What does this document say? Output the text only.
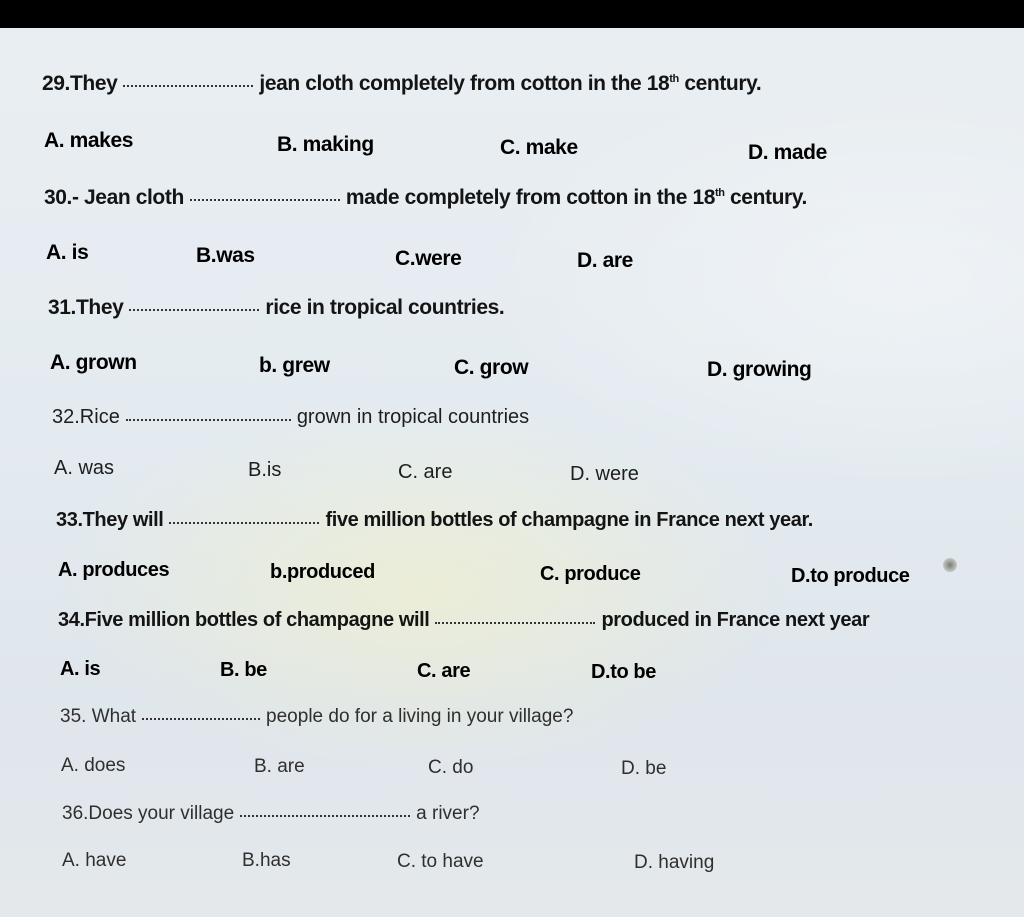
29.They	jean cloth completely from cotton in the 18th century.
A. makes	B. making	C. make	D. made
30.- Jean cloth	made completely from cotton in the 18th century.
A. is	B.was	C.were	D. are
31.They	rice in tropical countries.
A. grown	b. grew	C. grow	D. growing
32.Rice	grown in tropical countries
A. was	B.is	C. are	D. were
33.They will	five million bottles of champagne in France next year.
A. produces	b.produced	C. produce	D.to produce
34.Five million bottles of champagne will	produced in France next year
A. is	B. be	C. are	D.to be
35. What	people do for a living in your village?
A. does	B. are	C. do	D. be
36.Does your village	a river?
A. have	B.has	C. to have	D. having
